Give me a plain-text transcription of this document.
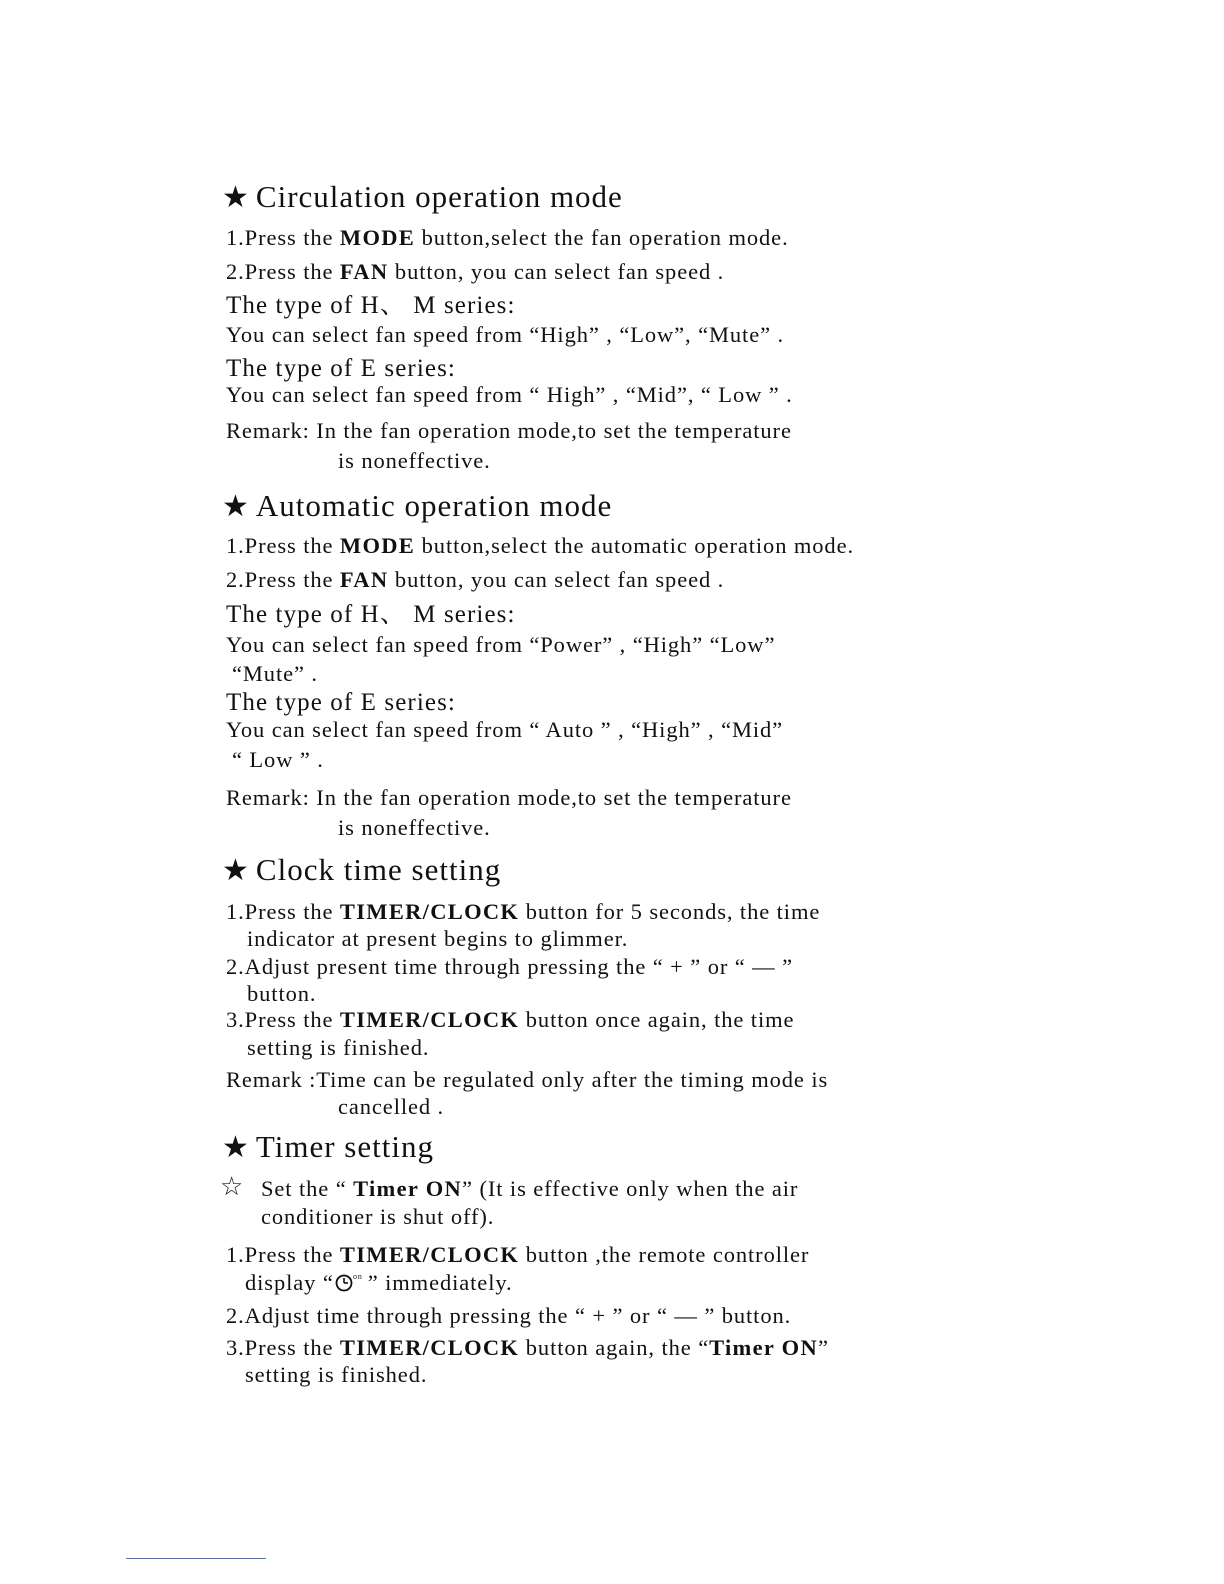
★ Circulation operation mode
1.Press the MODE button,select the fan operation mode.
2.Press the FAN button, you can select fan speed .
The type of H、 M series:
You can select fan speed from “High” , “Low”, “Mute” .
The type of E series:
You can select fan speed from “ High” , “Mid”, “ Low ” .
Remark: In the fan operation mode,to set the temperature
is noneffective.
★ Automatic operation mode
1.Press the MODE button,select the automatic operation mode.
2.Press the FAN button, you can select fan speed .
The type of H、 M series:
You can select fan speed from “Power” , “High” “Low”
“Mute” .
The type of E series:
You can select fan speed from “ Auto ” , “High” , “Mid”
“ Low ” .
Remark: In the fan operation mode,to set the temperature
is noneffective.
★ Clock time setting
1.Press the TIMER/CLOCK button for 5 seconds, the time
indicator at present begins to glimmer.
2.Adjust present time through pressing the “ + ” or “ — ”
button.
3.Press the TIMER/CLOCK button once again, the time
setting is finished.
Remark :Time can be regulated only after the timing mode is
cancelled .
★ Timer setting
☆ Set the “ Timer ON” (It is effective only when the air
conditioner is shut off).
1.Press the TIMER/CLOCK button ,the remote controller
display “ on ” immediately.
2.Adjust time through pressing the “ + ” or “ — ” button.
3.Press the TIMER/CLOCK button again, the “Timer ON”
setting is finished.
